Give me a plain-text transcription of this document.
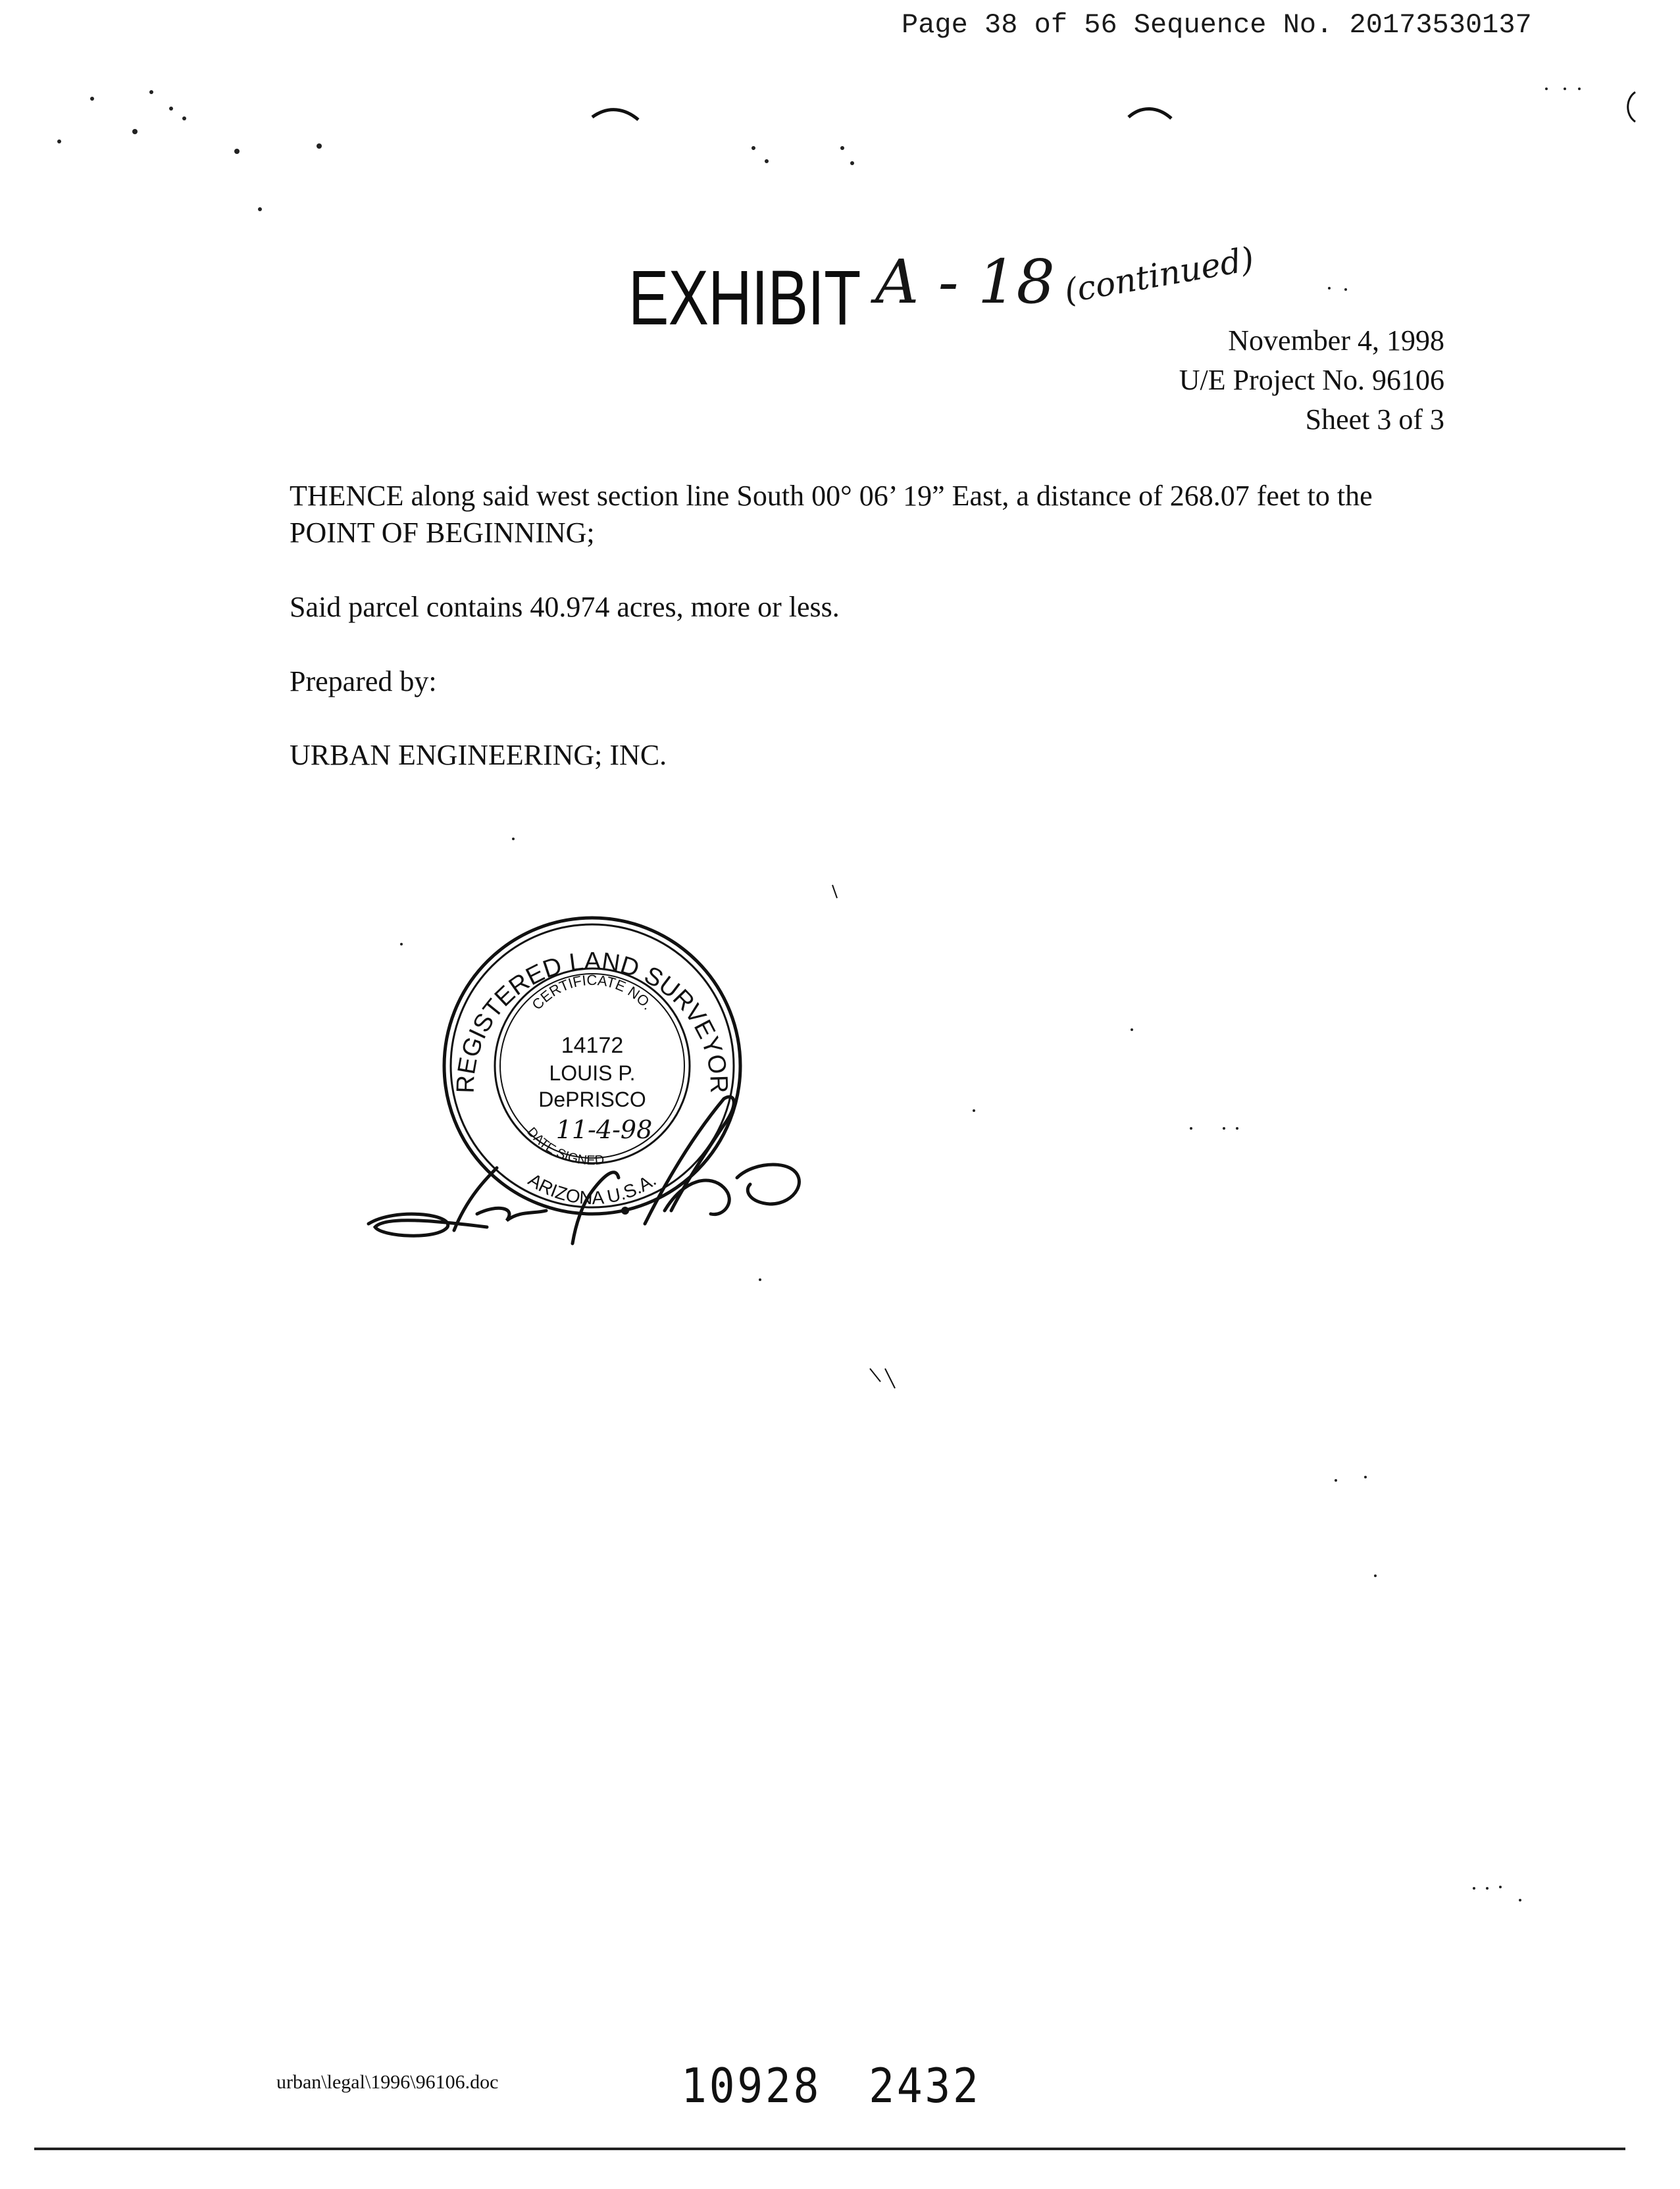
Page 38 of 56 Sequence No. 20173530137
EXHIBIT A - 18 (continued)
November 4, 1998
U/E Project No. 96106
Sheet 3 of 3
THENCE along said west section line South 00° 06’ 19” East, a distance of 268.07 feet to the POINT OF BEGINNING;
Said parcel contains 40.974 acres, more or less.
Prepared by:
URBAN ENGINEERING; INC.
REGISTERED LAND SURVEYOR
CERTIFICATE NO.
14172
LOUIS P.
DePRISCO
11-4-98
DATE SIGNED
ARIZONA U.S.A.
urban\legal\1996\96106.doc	10928 2432
